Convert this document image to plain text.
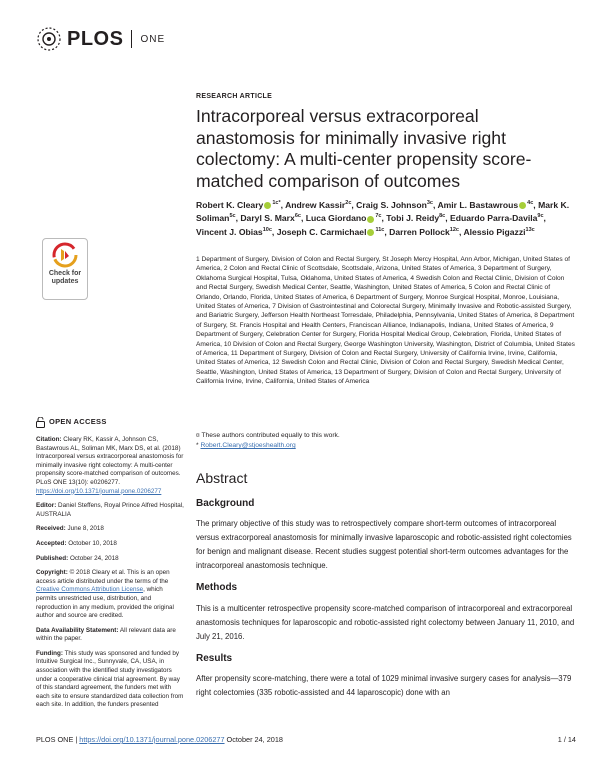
PLOS ONE
Check for updates
OPEN ACCESS
Citation: Cleary RK, Kassir A, Johnson CS, Bastawrous AL, Soliman MK, Marx DS, et al. (2018) Intracorporeal versus extracorporeal anastomosis for minimally invasive right colectomy: A multi-center propensity score-matched comparison of outcomes. PLoS ONE 13(10): e0206277. https://doi.org/10.1371/journal.pone.0206277
Editor: Daniel Steffens, Royal Prince Alfred Hospital, AUSTRALIA
Received: June 8, 2018
Accepted: October 10, 2018
Published: October 24, 2018
Copyright: © 2018 Cleary et al. This is an open access article distributed under the terms of the Creative Commons Attribution License, which permits unrestricted use, distribution, and reproduction in any medium, provided the original author and source are credited.
Data Availability Statement: All relevant data are within the paper.
Funding: This study was sponsored and funded by Intuitive Surgical Inc., Sunnyvale, CA, USA, in association with the identified study investigators under a cooperative clinical trial agreement. By way of this standard agreement, the funders met with each site to ensure standardized data collection from each site. In addition, the funders presented
RESEARCH ARTICLE
Intracorporeal versus extracorporeal anastomosis for minimally invasive right colectomy: A multi-center propensity score-matched comparison of outcomes
Robert K. Cleary $^{1c*}$, Andrew Kassir$^{2c}$, Craig S. Johnson$^{3c}$, Amir L. Bastawrous $^{4c}$, Mark K. Soliman$^{5c}$, Daryl S. Marx$^{6c}$, Luca Giordano $^{7c}$, Tobi J. Reidy$^{8c}$, Eduardo Parra-Davila$^{9c}$, Vincent J. Obias$^{10c}$, Joseph C. Carmichael $^{11c}$, Darren Pollock$^{12c}$, Alessio Pigazzi$^{13c}$
1 Department of Surgery, Division of Colon and Rectal Surgery, St Joseph Mercy Hospital, Ann Arbor, Michigan, United States of America, 2 Colon and Rectal Clinic of Scottsdale, Scottsdale, Arizona, United States of America, 3 Department of Surgery, Oklahoma Surgical Hospital, Tulsa, Oklahoma, United States of America, 4 Swedish Colon and Rectal Clinic, Division of Colon and Rectal Surgery, Swedish Medical Center, Seattle, Washington, United States of America, 5 Colon and Rectal Clinic of Orlando, Orlando, Florida, United States of America, 6 Department of Surgery, Monroe Surgical Hospital, Monroe, Louisiana, United States of America, 7 Division of Gastrointestinal and Colorectal Surgery, Minimally Invasive and Robotic-assisted Surgery, and Bariatric Surgery, Jefferson Health Northeast Torresdale, Philadelphia, Pennsylvania, United States of America, 8 Department of Surgery, St. Francis Hospital and Health Centers, Franciscan Alliance, Indianapolis, Indiana, United States of America, 9 Department of Surgery, Celebration Center for Surgery, Florida Hospital Medical Group, Celebration, Florida, United States of America, 10 Division of Colon and Rectal Surgery, George Washington University, Washington, District of Columbia, United States of America, 11 Department of Surgery, Division of Colon and Rectal Surgery, University of California Irvine, Irvine, California, United States of America, 12 Swedish Colon and Rectal Clinic, Division of Colon and Rectal Surgery, Swedish Medical Center, Seattle, Washington, United States of America, 13 Department of Surgery, Division of Colon and Rectal Surgery, University of California Irvine, Irvine, California, United States of America
¤ These authors contributed equally to this work.
* Robert.Cleary@stjoeshealth.org
Abstract
Background

The primary objective of this study was to retrospectively compare short-term outcomes of intracorporeal versus extracorporeal anastomosis for minimally invasive laparoscopic and robotic-assisted right colectomies for benign and malignant disease. Recent studies suggest potential short-term outcomes advantages for the intracorporeal anastomosis technique.

Methods

This is a multicenter retrospective propensity score-matched comparison of intracorporeal and extracorporeal anastomosis techniques for laparoscopic and robotic-assisted right colectomy between January 11, 2010, and July 21, 2016.

Results

After propensity score-matching, there were a total of 1029 minimal invasive surgery cases for analysis—379 right colectomies (335 robotic-assisted and 44 laparoscopic) done with an

PLOS ONE | https://doi.org/10.1371/journal.pone.0206277 October 24, 2018	1 / 14
